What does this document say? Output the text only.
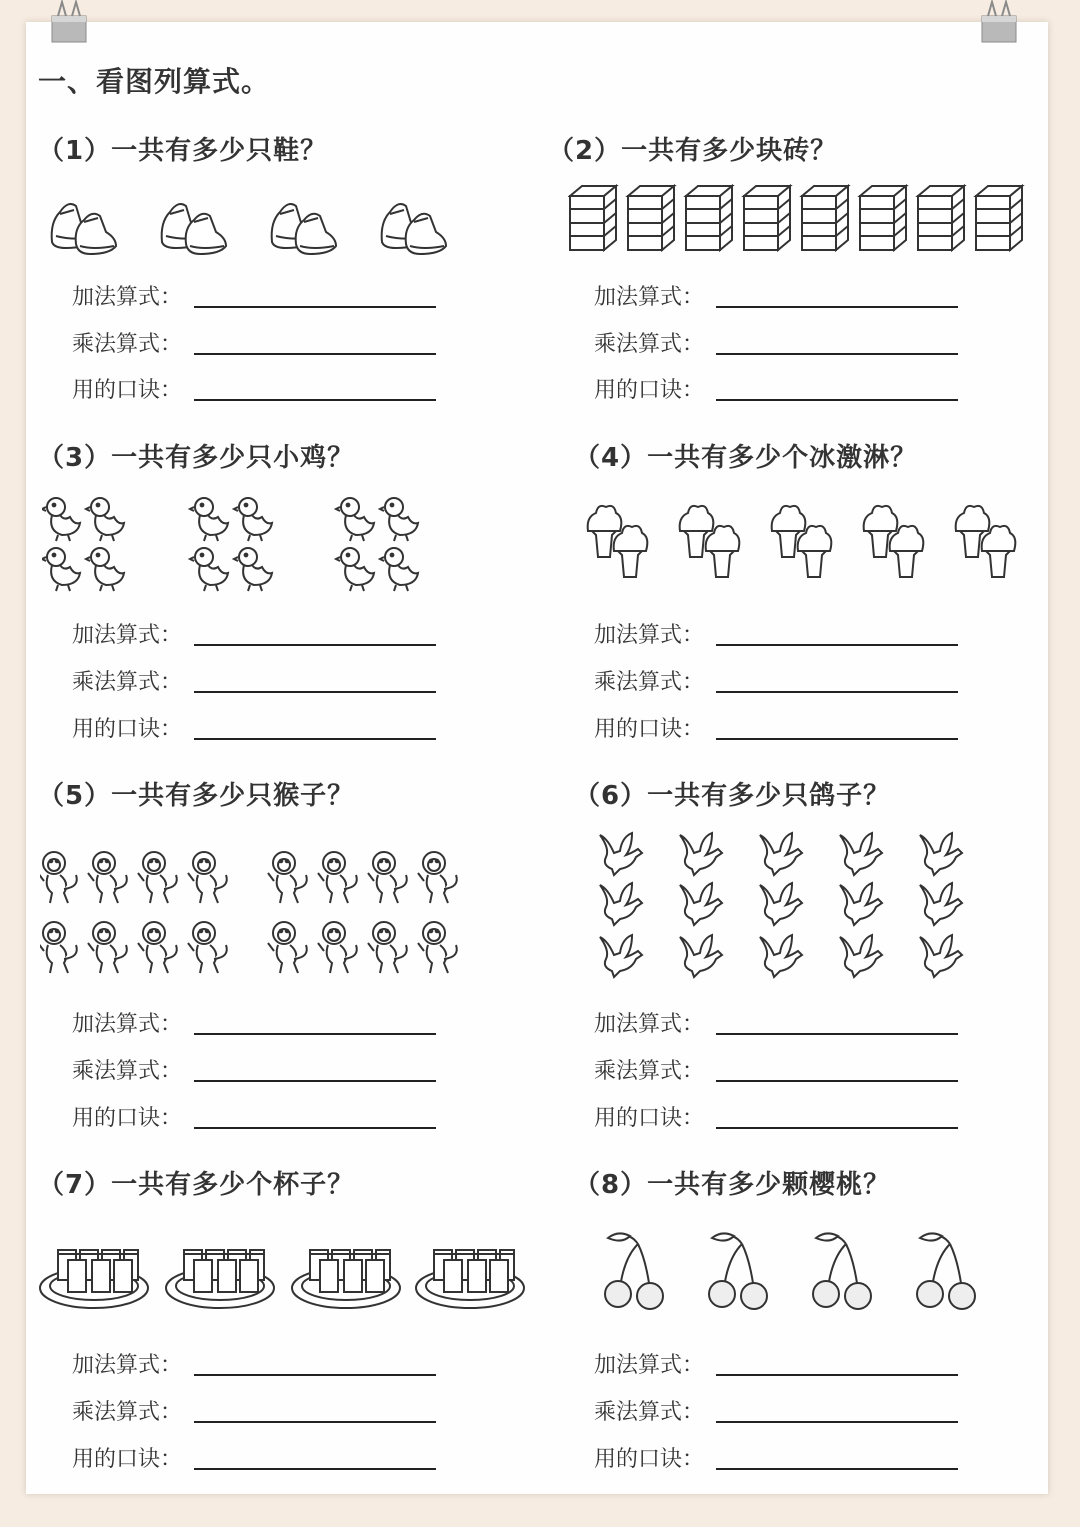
一、看图列算式。
（1）一共有多少只鞋？	（2）一共有多少块砖？
（3）一共有多少只小鸡？	（4）一共有多少个冰激淋？
（5）一共有多少只猴子？	（6）一共有多少只鸽子？
（7）一共有多少个杯子？	（8）一共有多少颗樱桃？
加法算式：
乘法算式：
用的口诀：
加法算式：
乘法算式：
用的口诀：
加法算式：
乘法算式：
用的口诀：
加法算式：
乘法算式：
用的口诀：
加法算式：
乘法算式：
用的口诀：
加法算式：
乘法算式：
用的口诀：
加法算式：
乘法算式：
用的口诀：
加法算式：
乘法算式：
用的口诀：
